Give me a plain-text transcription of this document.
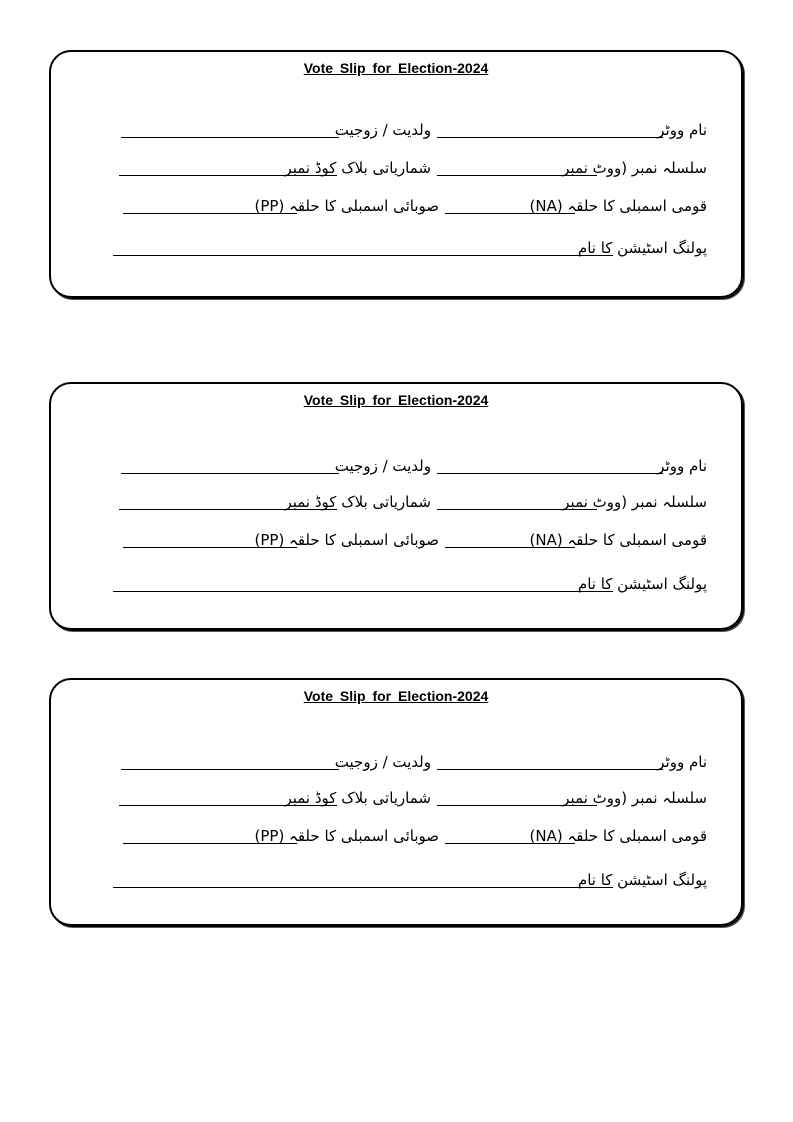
Vote Slip for Election-2024
نام ووٹر
ولدیت / زوجیت
سلسلہ نمبر (ووٹ نمبر
شماریاتی بلاک کوڈ نمبر
قومی اسمبلی کا حلقہ (NA)
صوبائی اسمبلی کا حلقہ (PP)
پولنگ اسٹیشن کا نام
Vote Slip for Election-2024
نام ووٹر
ولدیت / زوجیت
سلسلہ نمبر (ووٹ نمبر
شماریاتی بلاک کوڈ نمبر
قومی اسمبلی کا حلقہ (NA)
صوبائی اسمبلی کا حلقہ (PP)
پولنگ اسٹیشن کا نام
Vote Slip for Election-2024
نام ووٹر
ولدیت / زوجیت
سلسلہ نمبر (ووٹ نمبر
شماریاتی بلاک کوڈ نمبر
قومی اسمبلی کا حلقہ (NA)
صوبائی اسمبلی کا حلقہ (PP)
پولنگ اسٹیشن کا نام
